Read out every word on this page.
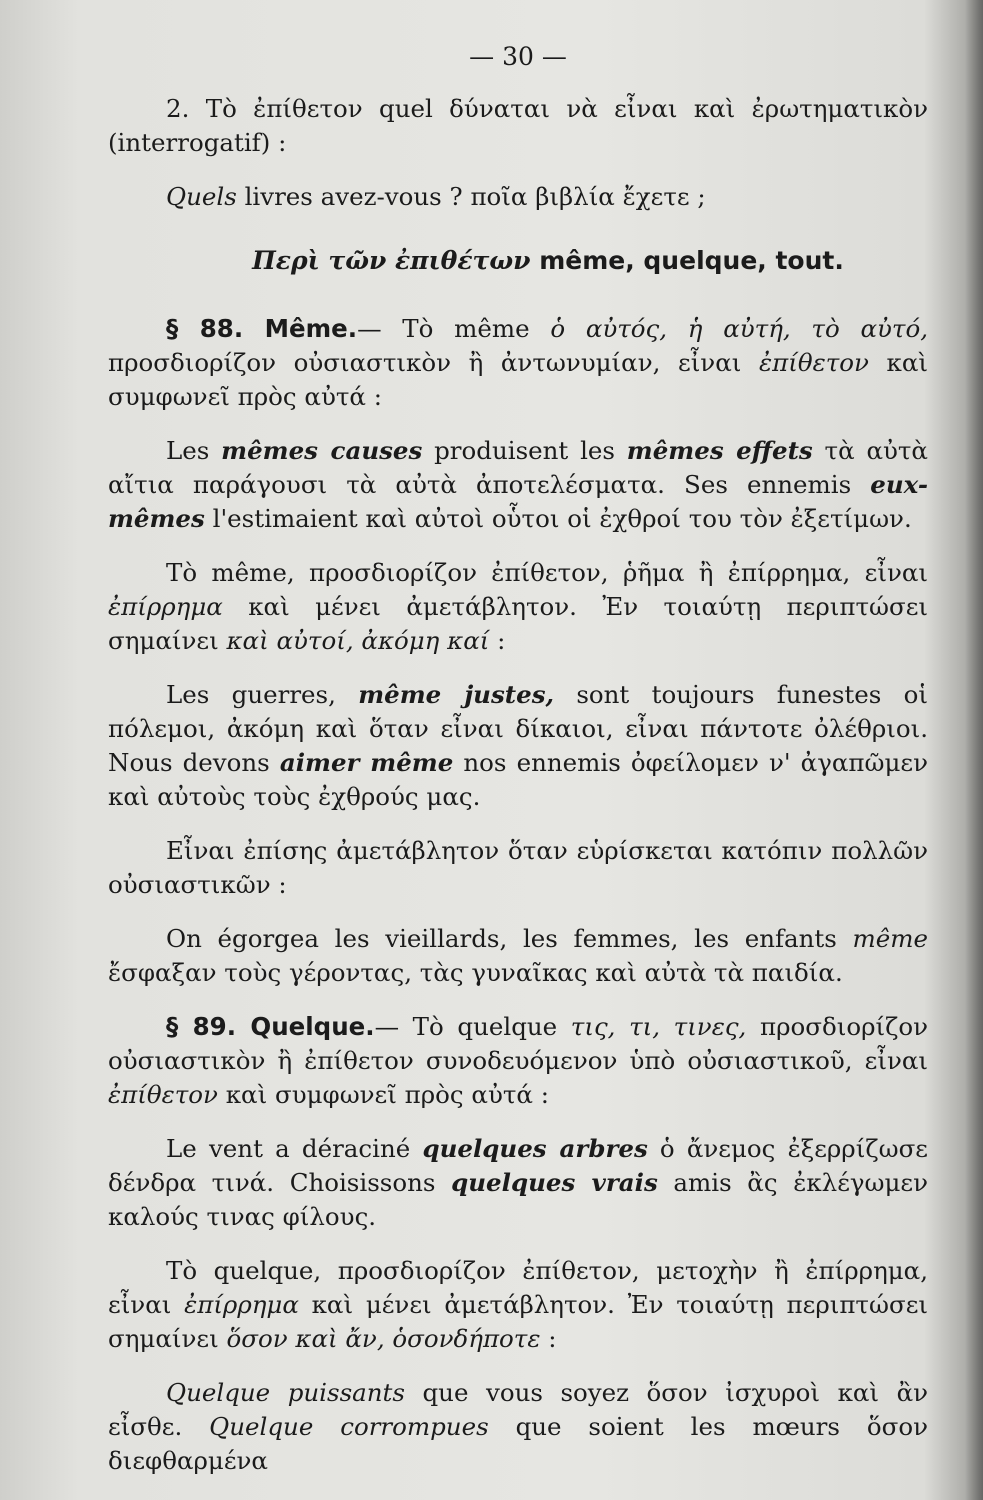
— 30 —

2. Τὸ ἐπίθετον quel δύναται νὰ εἶναι καὶ ἐρωτηματικὸν (interrogatif) :

Quels livres avez-vous ? ποῖα βιβλία ἔχετε ;

Περὶ τῶν ἐπιθέτων même, quelque, tout.

§ 88. Même.— Τὸ même ὁ αὐτός, ἡ αὐτή, τὸ αὐτό, προσδιορίζον οὐσιαστικὸν ἢ ἀντωνυμίαν, εἶναι ἐπίθετον καὶ συμφωνεῖ πρὸς αὐτά :

Les mêmes causes produisent les mêmes effets τὰ αὐτὰ αἴτια παράγουσι τὰ αὐτὰ ἀποτελέσματα. Ses ennemis eux-mêmes l'estimaient καὶ αὐτοὶ οὗτοι οἱ ἐχθροί του τὸν ἐξετίμων.

Τὸ même, προσδιορίζον ἐπίθετον, ῥῆμα ἢ ἐπίρρημα, εἶναι ἐπίρρημα καὶ μένει ἀμετάβλητον. Ἐν τοιαύτῃ περιπτώσει σημαίνει καὶ αὐτοί, ἀκόμη καί :

Les guerres, même justes, sont toujours funestes οἱ πόλεμοι, ἀκόμη καὶ ὅταν εἶναι δίκαιοι, εἶναι πάντοτε ὀλέθριοι. Nous devons aimer même nos ennemis ὀφείλομεν ν' ἀγαπῶμεν καὶ αὐτοὺς τοὺς ἐχθρούς μας.

Εἶναι ἐπίσης ἀμετάβλητον ὅταν εὑρίσκεται κατόπιν πολλῶν οὐσιαστικῶν :

On égorgea les vieillards, les femmes, les enfants même ἔσφαξαν τοὺς γέροντας, τὰς γυναῖκας καὶ αὐτὰ τὰ παιδία.

§ 89. Quelque.— Τὸ quelque τις, τι, τινες, προσδιορίζον οὐσιαστικὸν ἢ ἐπίθετον συνοδευόμενον ὑπὸ οὐσιαστικοῦ, εἶναι ἐπίθετον καὶ συμφωνεῖ πρὸς αὐτά :

Le vent a déraciné quelques arbres ὁ ἄνεμος ἐξερρίζωσε δένδρα τινά. Choisissons quelques vrais amis ἂς ἐκλέγωμεν καλούς τινας φίλους.

Τὸ quelque, προσδιορίζον ἐπίθετον, μετοχὴν ἢ ἐπίρρημα, εἶναι ἐπίρρημα καὶ μένει ἀμετάβλητον. Ἐν τοιαύτῃ περιπτώσει σημαίνει ὅσον καὶ ἄν, ὁσονδήποτε :

Quelque puissants que vous soyez ὅσον ἰσχυροὶ καὶ ἂν εἶσθε. Quelque corrompues que soient les mœurs ὅσον διεφθαρμένα
